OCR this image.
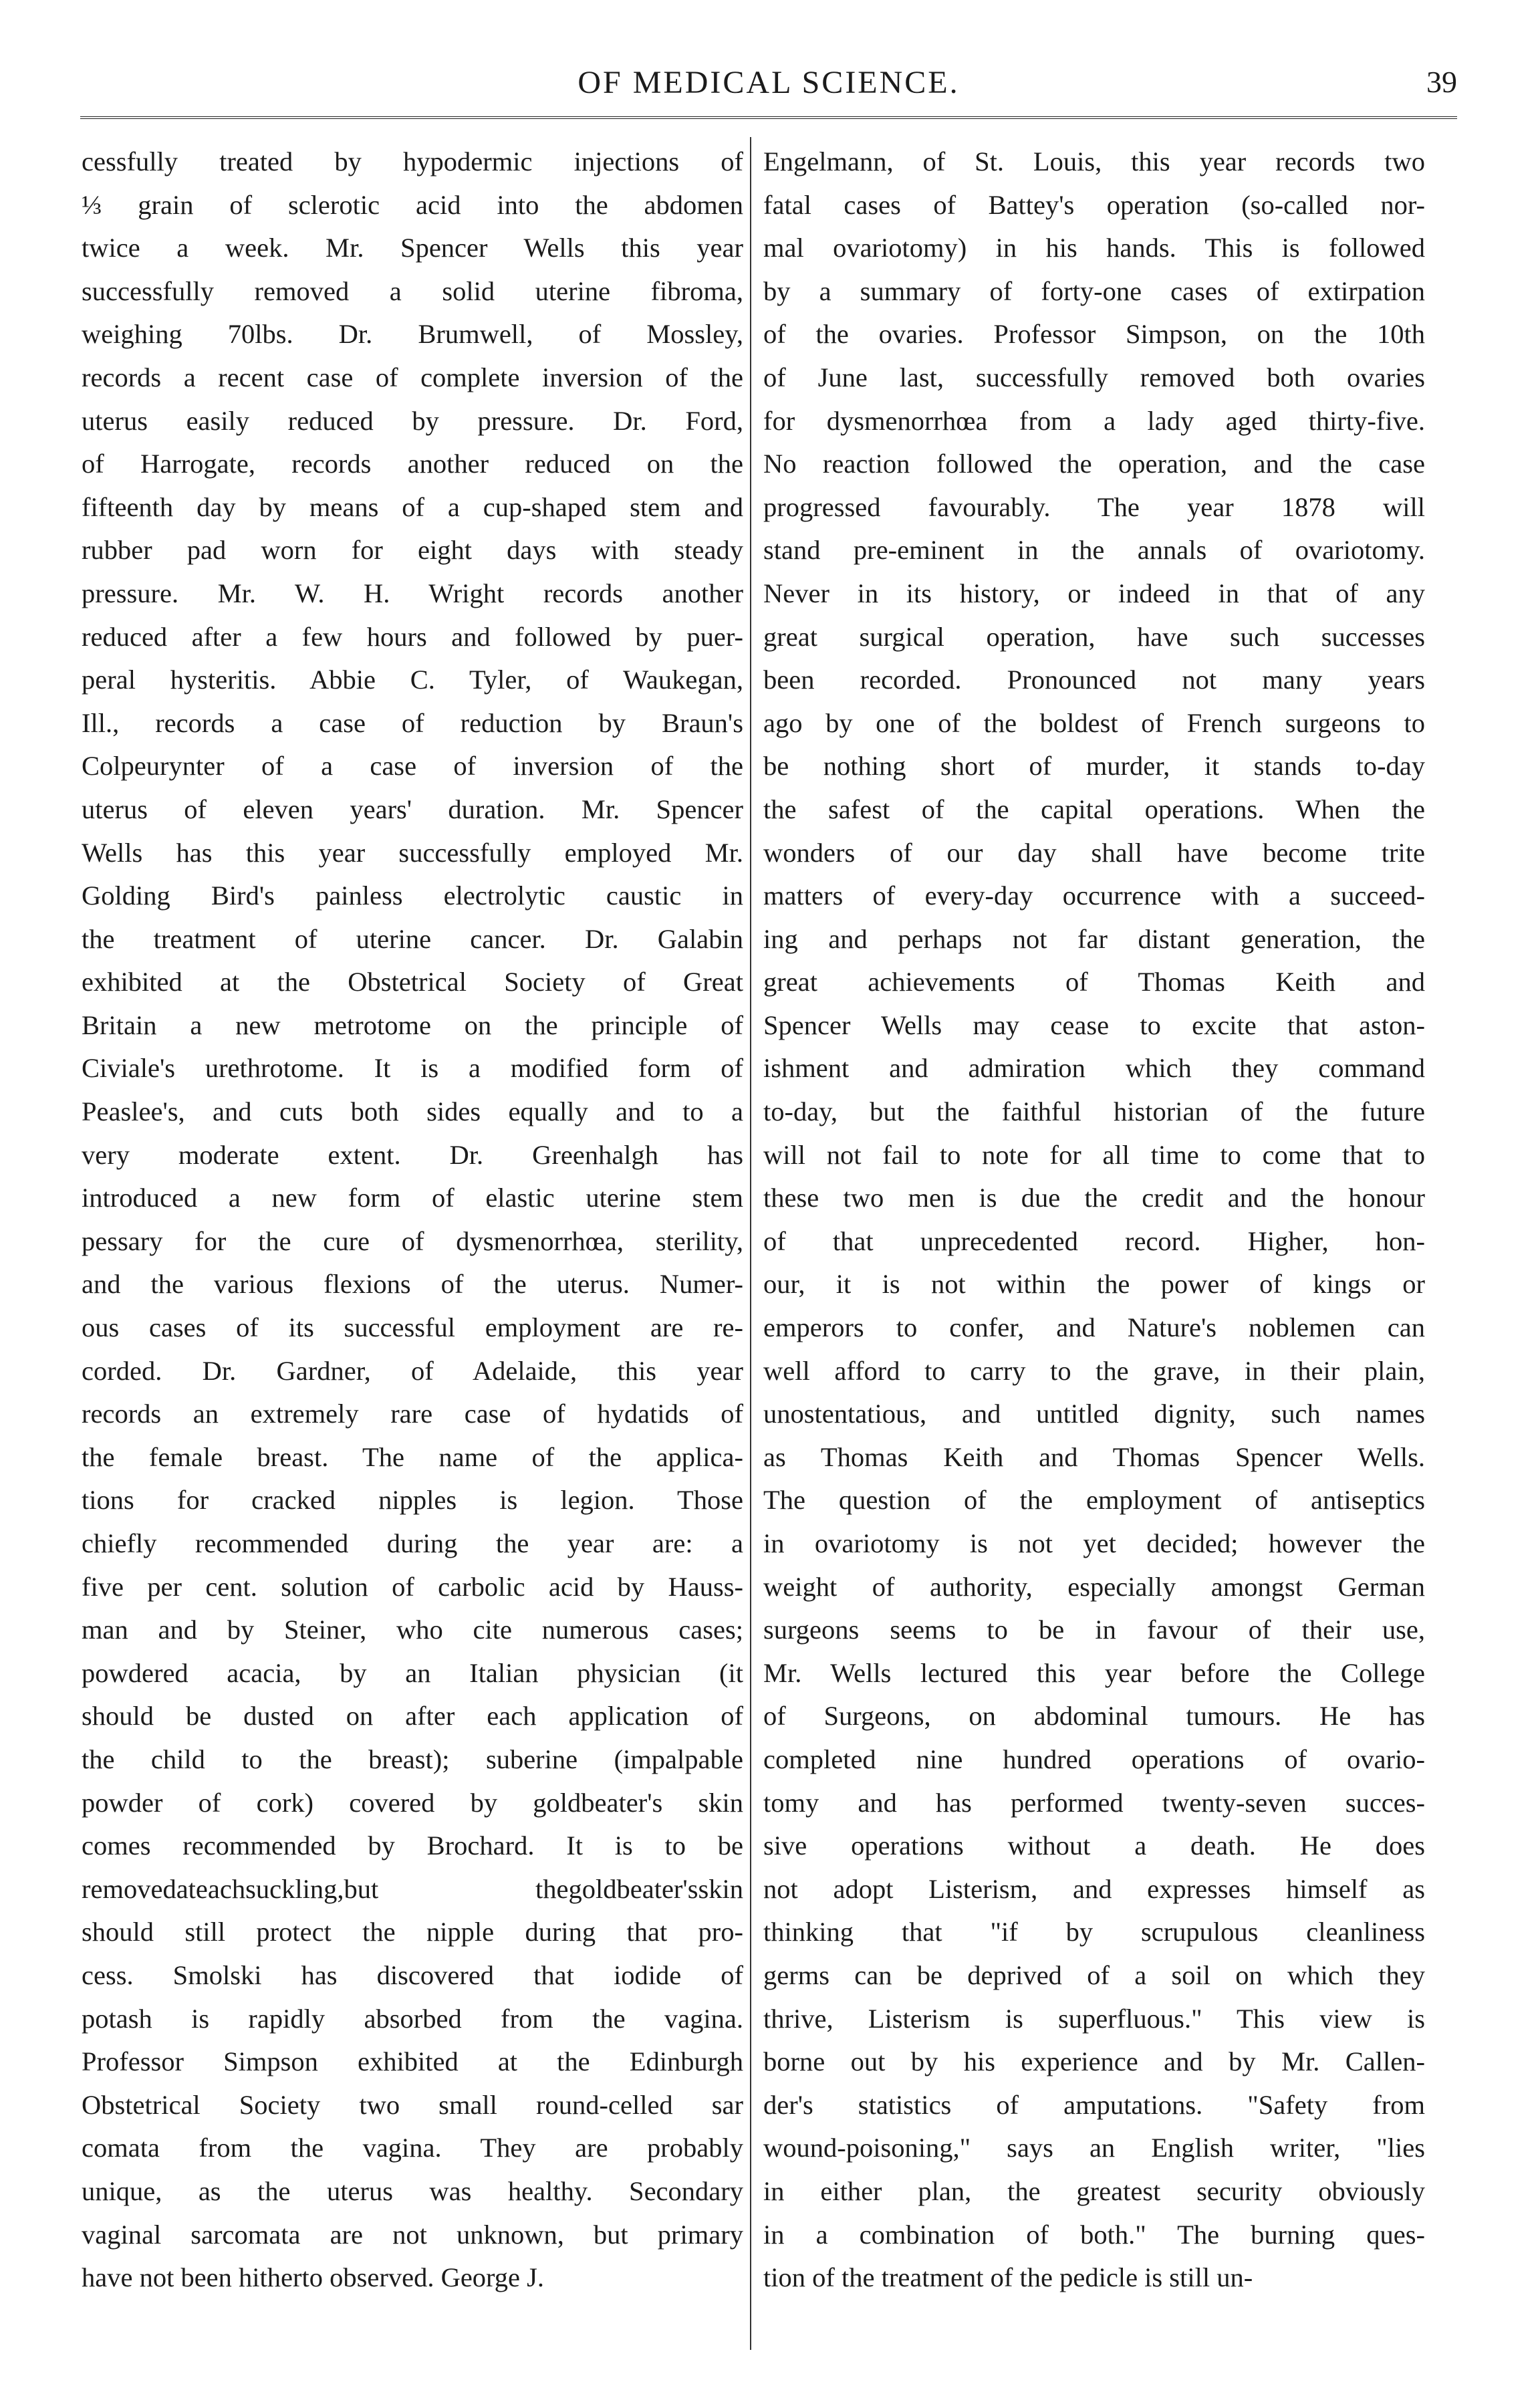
OF MEDICAL SCIENCE.	39
cessfully treated by hypodermic injections of
⅓ grain of sclerotic acid into the abdomen
twice a week. Mr. Spencer Wells this year
successfully removed a solid uterine fibroma,
weighing 70lbs. Dr. Brumwell, of Mossley,
records a recent case of complete inversion of the
uterus easily reduced by pressure. Dr. Ford,
of Harrogate, records another reduced on the
fifteenth day by means of a cup-shaped stem and
rubber pad worn for eight days with steady
pressure. Mr. W. H. Wright records another
reduced after a few hours and followed by puer-
peral hysteritis. Abbie C. Tyler, of Waukegan,
Ill., records a case of reduction by Braun's
Colpeurynter of a case of inversion of the
uterus of eleven years' duration. Mr. Spencer
Wells has this year successfully employed Mr.
Golding Bird's painless electrolytic caustic in
the treatment of uterine cancer. Dr. Galabin
exhibited at the Obstetrical Society of Great
Britain a new metrotome on the principle of
Civiale's urethrotome. It is a modified form of
Peaslee's, and cuts both sides equally and to a
very moderate extent. Dr. Greenhalgh has
introduced a new form of elastic uterine stem
pessary for the cure of dysmenorrhœa, sterility,
and the various flexions of the uterus. Numer-
ous cases of its successful employment are re-
corded. Dr. Gardner, of Adelaide, this year
records an extremely rare case of hydatids of
the female breast. The name of the applica-
tions for cracked nipples is legion. Those
chiefly recommended during the year are: a
five per cent. solution of carbolic acid by Hauss-
man and by Steiner, who cite numerous cases;
powdered acacia, by an Italian physician (it
should be dusted on after each application of
the child to the breast); suberine (impalpable
powder of cork) covered by goldbeater's skin
comes recommended by Brochard. It is to be
removedateachsuckling,but thegoldbeater'sskin
should still protect the nipple during that pro-
cess. Smolski has discovered that iodide of
potash is rapidly absorbed from the vagina.
Professor Simpson exhibited at the Edinburgh
Obstetrical Society two small round-celled sar
comata from the vagina. They are probably
unique, as the uterus was healthy. Secondary
vaginal sarcomata are not unknown, but primary
have not been hitherto observed. George J.
Engelmann, of St. Louis, this year records two
fatal cases of Battey's operation (so-called nor-
mal ovariotomy) in his hands. This is followed
by a summary of forty-one cases of extirpation
of the ovaries. Professor Simpson, on the 10th
of June last, successfully removed both ovaries
for dysmenorrhœa from a lady aged thirty-five.
No reaction followed the operation, and the case
progressed favourably. The year 1878 will
stand pre-eminent in the annals of ovariotomy.
Never in its history, or indeed in that of any
great surgical operation, have such successes
been recorded. Pronounced not many years
ago by one of the boldest of French surgeons to
be nothing short of murder, it stands to-day
the safest of the capital operations. When the
wonders of our day shall have become trite
matters of every-day occurrence with a succeed-
ing and perhaps not far distant generation, the
great achievements of Thomas Keith and
Spencer Wells may cease to excite that aston-
ishment and admiration which they command
to-day, but the faithful historian of the future
will not fail to note for all time to come that to
these two men is due the credit and the honour
of that unprecedented record. Higher, hon-
our, it is not within the power of kings or
emperors to confer, and Nature's noblemen can
well afford to carry to the grave, in their plain,
unostentatious, and untitled dignity, such names
as Thomas Keith and Thomas Spencer Wells.
The question of the employment of antiseptics
in ovariotomy is not yet decided; however the
weight of authority, especially amongst German
surgeons seems to be in favour of their use,
Mr. Wells lectured this year before the College
of Surgeons, on abdominal tumours. He has
completed nine hundred operations of ovario-
tomy and has performed twenty-seven succes-
sive operations without a death. He does
not adopt Listerism, and expresses himself as
thinking that "if by scrupulous cleanliness
germs can be deprived of a soil on which they
thrive, Listerism is superfluous." This view is
borne out by his experience and by Mr. Callen-
der's statistics of amputations. "Safety from
wound-poisoning," says an English writer, "lies
in either plan, the greatest security obviously
in a combination of both." The burning ques-
tion of the treatment of the pedicle is still un-
